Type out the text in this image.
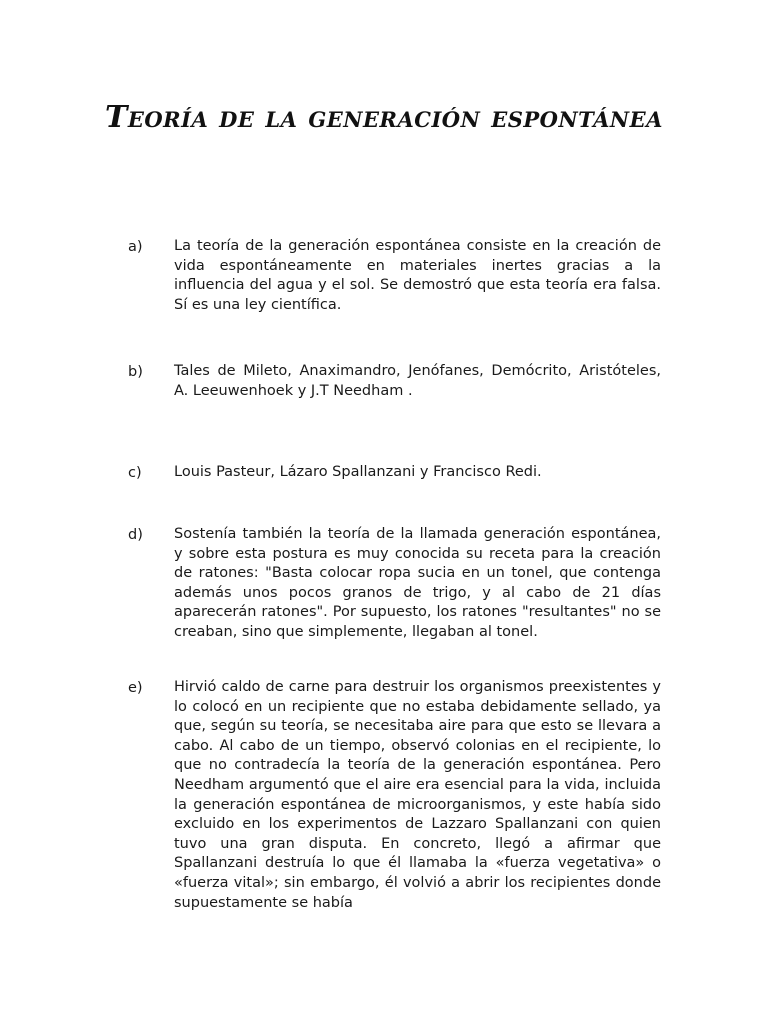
Teoría de la generación espontánea
a) La teoría de la generación espontánea consiste en la creación de vida espontáneamente en materiales inertes gracias a la influencia del agua y el sol. Se demostró que esta teoría era falsa. Sí es una ley científica.

b) Tales de Mileto, Anaximandro, Jenófanes, Demócrito, Aristóteles, A. Leeuwenhoek y J.T Needham .

c) Louis Pasteur, Lázaro Spallanzani y Francisco Redi.

d) Sostenía también la teoría de la llamada generación espontánea, y sobre esta postura es muy conocida su receta para la creación de ratones: "Basta colocar ropa sucia en un tonel, que contenga además unos pocos granos de trigo, y al cabo de 21 días aparecerán ratones". Por supuesto, los ratones "resultantes" no se creaban, sino que simplemente, llegaban al tonel.

e) Hirvió caldo de carne para destruir los organismos preexistentes y lo colocó en un recipiente que no estaba debidamente sellado, ya que, según su teoría, se necesitaba aire para que esto se llevara a cabo. Al cabo de un tiempo, observó colonias en el recipiente, lo que no contradecía la teoría de la generación espontánea. Pero Needham argumentó que el aire era esencial para la vida, incluida la generación espontánea de microorganismos, y este había sido excluido en los experimentos de Lazzaro Spallanzani con quien tuvo una gran disputa. En concreto, llegó a afirmar que Spallanzani destruía lo que él llamaba la «fuerza vegetativa» o «fuerza vital»; sin embargo, él volvió a abrir los recipientes donde supuestamente se había
